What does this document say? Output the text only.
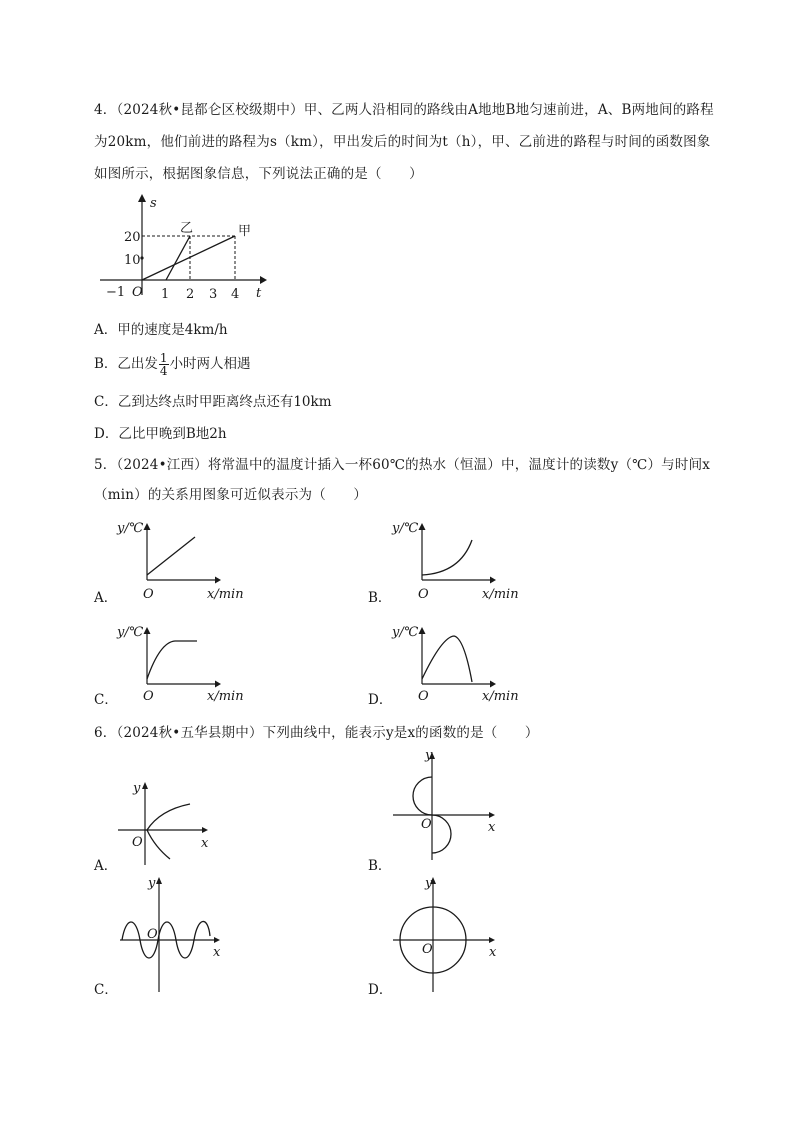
4．（2024秋•昆都仑区校级期中）甲、乙两人沿相同的路线由A地地B地匀速前进，A、B两地间的路程
为20km，他们前进的路程为s（km），甲出发后的时间为t（h），甲、乙前进的路程与时间的函数图象
如图所示，根据图象信息，下列说法正确的是（　　）
s
t
甲
乙
20
10
O
−1	1 2 3 4
A．甲的速度是4km/h
B．乙出发 $\frac{1}{4}$ 小时两人相遇
C．乙到达终点时甲距离终点还有10km
D．乙比甲晚到B地2h
5．（2024•江西）将常温中的温度计插入一杯60℃的热水（恒温）中，温度计的读数y（℃）与时间x
（min）的关系用图象可近似表示为（　　）
A．
y/℃
x/min
O	B．
y/℃
x/min
O
C．
y/℃
x/min
O	D．
y/℃
x/min
O
6．（2024秋•五华县期中）下列曲线中，能表示y是x的函数的是（　　）
A．
y
x
O
B．
y
x
O
C．
y
x
O
D．
y
x
O
